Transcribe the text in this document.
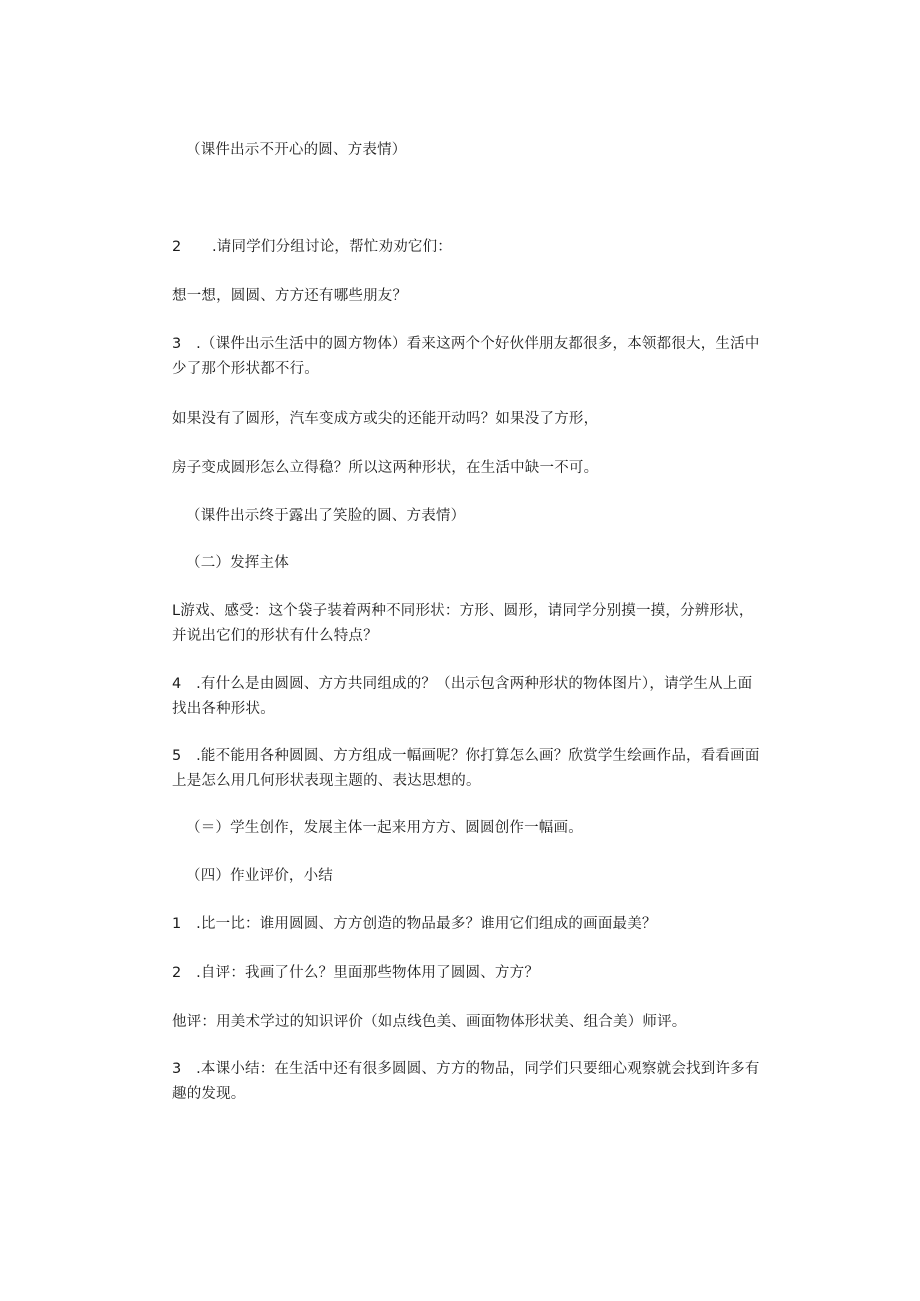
（课件出示不开心的圆、方表情）
2 .请同学们分组讨论，帮忙劝劝它们：
想一想，圆圆、方方还有哪些朋友？
3　.（课件出示生活中的圆方物体）看来这两个个好伙伴朋友都很多，本领都很大，生活中
少了那个形状都不行。
如果没有了圆形，汽车变成方或尖的还能开动吗？如果没了方形，
房子变成圆形怎么立得稳？所以这两种形状，在生活中缺一不可。
（课件出示终于露出了笑脸的圆、方表情）
（二）发挥主体
L游戏、感受：这个袋子装着两种不同形状：方形、圆形，请同学分别摸一摸，分辨形状，
并说出它们的形状有什么特点？
4　.有什么是由圆圆、方方共同组成的？（出示包含两种形状的物体图片），请学生从上面
找出各种形状。
5　.能不能用各种圆圆、方方组成一幅画呢？你打算怎么画？欣赏学生绘画作品，看看画面
上是怎么用几何形状表现主题的、表达思想的。
（＝）学生创作，发展主体一起来用方方、圆圆创作一幅画。
（四）作业评价，小结
1　.比一比：谁用圆圆、方方创造的物品最多？谁用它们组成的画面最美？
2　.自评：我画了什么？里面那些物体用了圆圆、方方？
他评：用美术学过的知识评价（如点线色美、画面物体形状美、组合美）师评。
3　.本课小结：在生活中还有很多圆圆、方方的物品，同学们只要细心观察就会找到许多有
趣的发现。
